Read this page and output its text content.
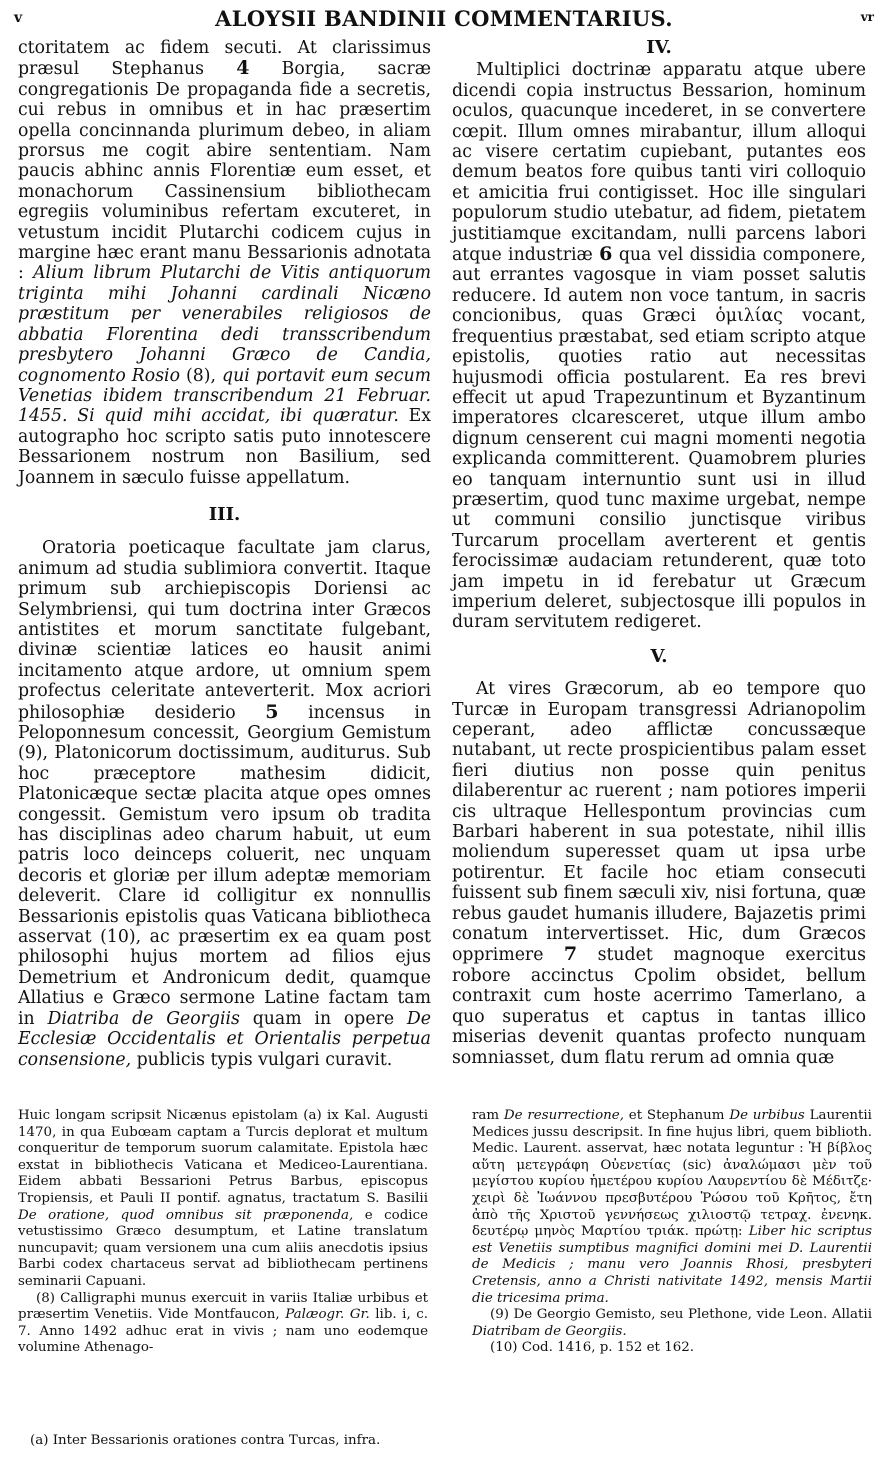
v	ALOYSII BANDINII COMMENTARIUS.	vr

ctoritatem ac fidem secuti. At clarissimus præsul Stephanus 4 Borgia, sacræ congregationis De propaganda fide a secretis, cui rebus in omnibus et in hac præsertim opella concinnanda plurimum debeo, in aliam prorsus me cogit abire sententiam. Nam paucis abhinc annis Florentiæ eum esset, et monachorum Cassinensium bibliothecam egregiis voluminibus refertam excuteret, in vetustum incidit Plutarchi codicem cujus in margine hæc erant manu Bessarionis adnotata : Alium librum Plutarchi de Vitis antiquorum triginta mihi Johanni cardinali Nicæno præstitum per venerabiles religiosos de abbatia Florentina dedi transscribendum presbytero Johanni Græco de Candia, cognomento Rosio (8), qui portavit eum secum Venetias ibidem transcribendum 21 Februar. 1455. Si quid mihi accidat, ibi quæratur. Ex autographo hoc scripto satis puto innotescere Bessarionem nostrum non Basilium, sed Joannem in sæculo fuisse appellatum.

III.

Oratoria poeticaque facultate jam clarus, animum ad studia sublimiora convertit. Itaque primum sub archiepiscopis Doriensi ac Selymbriensi, qui tum doctrina inter Græcos antistites et morum sanctitate fulgebant, divinæ scientiæ latices eo hausit animi incitamento atque ardore, ut omnium spem profectus celeritate anteverterit. Mox acriori philosophiæ desiderio 5 incensus in Peloponnesum concessit, Georgium Gemistum (9), Platonicorum doctissimum, auditurus. Sub hoc præceptore mathesim didicit, Platonicæque sectæ placita atque opes omnes congessit. Gemistum vero ipsum ob tradita has disciplinas adeo charum habuit, ut eum patris loco deinceps coluerit, nec unquam decoris et gloriæ per illum adeptæ memoriam deleverit. Clare id colligitur ex nonnullis Bessarionis epistolis quas Vaticana bibliotheca asservat (10), ac præsertim ex ea quam post philosophi hujus mortem ad filios ejus Demetrium et Andronicum dedit, quamque Allatius e Græco sermone Latine factam tam in Diatriba de Georgiis quam in opere De Ecclesiæ Occidentalis et Orientalis perpetua consensione, publicis typis vulgari curavit.

IV.

Multiplici doctrinæ apparatu atque ubere dicendi copia instructus Bessarion, hominum oculos, quacunque incederet, in se convertere cœpit. Illum omnes mirabantur, illum alloqui ac visere certatim cupiebant, putantes eos demum beatos fore quibus tanti viri colloquio et amicitia frui contigisset. Hoc ille singulari populorum studio utebatur, ad fidem, pietatem justitiamque excitandam, nulli parcens labori atque industriæ 6 qua vel dissidia componere, aut errantes vagosque in viam posset salutis reducere. Id autem non voce tantum, in sacris concionibus, quas Græci ὁμιλίας vocant, frequentius præstabat, sed etiam scripto atque epistolis, quoties ratio aut necessitas hujusmodi officia postularent. Ea res brevi effecit ut apud Trapezuntinum et Byzantinum imperatores clcaresceret, utque illum ambo dignum censerent cui magni momenti negotia explicanda committerent. Quamobrem pluries eo tanquam internuntio sunt usi in illud præsertim, quod tunc maxime urgebat, nempe ut communi consilio junctisque viribus Turcarum procellam averterent et gentis ferocissimæ audaciam retunderent, quæ toto jam impetu in id ferebatur ut Græcum imperium deleret, subjectosque illi populos in duram servitutem redigeret.

V.

At vires Græcorum, ab eo tempore quo Turcæ in Europam transgressi Adrianopolim ceperant, adeo afflictæ concussæque nutabant, ut recte prospicientibus palam esset fieri diutius non posse quin penitus dilaberentur ac ruerent ; nam potiores imperii cis ultraque Hellespontum provincias cum Barbari haberent in sua potestate, nihil illis moliendum superesset quam ut ipsa urbe potirentur. Et facile hoc etiam consecuti fuissent sub finem sæculi xiv, nisi fortuna, quæ rebus gaudet humanis illudere, Bajazetis primi conatum intervertisset. Hic, dum Græcos opprimere 7 studet magnoque exercitus robore accinctus Cpolim obsidet, bellum contraxit cum hoste acerrimo Tamerlano, a quo superatus et captus in tantas illico miserias devenit quantas profecto nunquam somniasset, dum flatu rerum ad omnia quæ

Huic longam scripsit Nicænus epistolam (a) ix Kal. Augusti 1470, in qua Eubœam captam a Turcis deplorat et multum conqueritur de temporum suorum calamitate. Epistola hæc exstat in bibliothecis Vaticana et Mediceo-Laurentiana. Eidem abbati Bessarioni Petrus Barbus, episcopus Tropiensis, et Pauli II pontif. agnatus, tractatum S. Basilii De oratione, quod omnibus sit præponenda, e codice vetustissimo Græco desumptum, et Latine translatum nuncupavit; quam versionem una cum aliis anecdotis ipsius Barbi codex chartaceus servat ad bibliothecam pertinens seminarii Capuani.

(8) Calligraphi munus exercuit in variis Italiæ urbibus et præsertim Venetiis. Vide Montfaucon, Palæogr. Gr. lib. i, c. 7. Anno 1492 adhuc erat in vivis ; nam uno eodemque volumine Athenago-

ram De resurrectione, et Stephanum De urbibus Laurentii Medices jussu descripsit. In fine hujus libri, quem biblioth. Medic. Laurent. asservat, hæc notata leguntur : Ἡ βίβλος αὕτη μετεγράφη Οὐενετίας (sic) ἀναλώμασι μὲν τοῦ μεγίστου κυρίου ἡμετέρου κυρίου Λαυρεντίου δὲ Μέδιτζε· χειρὶ δὲ Ἰωάννου πρεσβυτέρου Ῥώσου τοῦ Κρῆτος, ἔτη ἀπὸ τῆς Χριστοῦ γεννήσεως χιλιοστῷ τετραχ. ἐνενηκ. δευτέρῳ μηνὸς Μαρτίου τριάκ. πρώτῃ: Liber hic scriptus est Venetiis sumptibus magnifici domini mei D. Laurentii de Medicis ; manu vero Joannis Rhosi, presbyteri Cretensis, anno a Christi nativitate 1492, mensis Martii die tricesima prima.

(9) De Georgio Gemisto, seu Plethone, vide Leon. Allatii Diatribam de Georgiis.

(10) Cod. 1416, p. 152 et 162.

(a) Inter Bessarionis orationes contra Turcas, infra.
